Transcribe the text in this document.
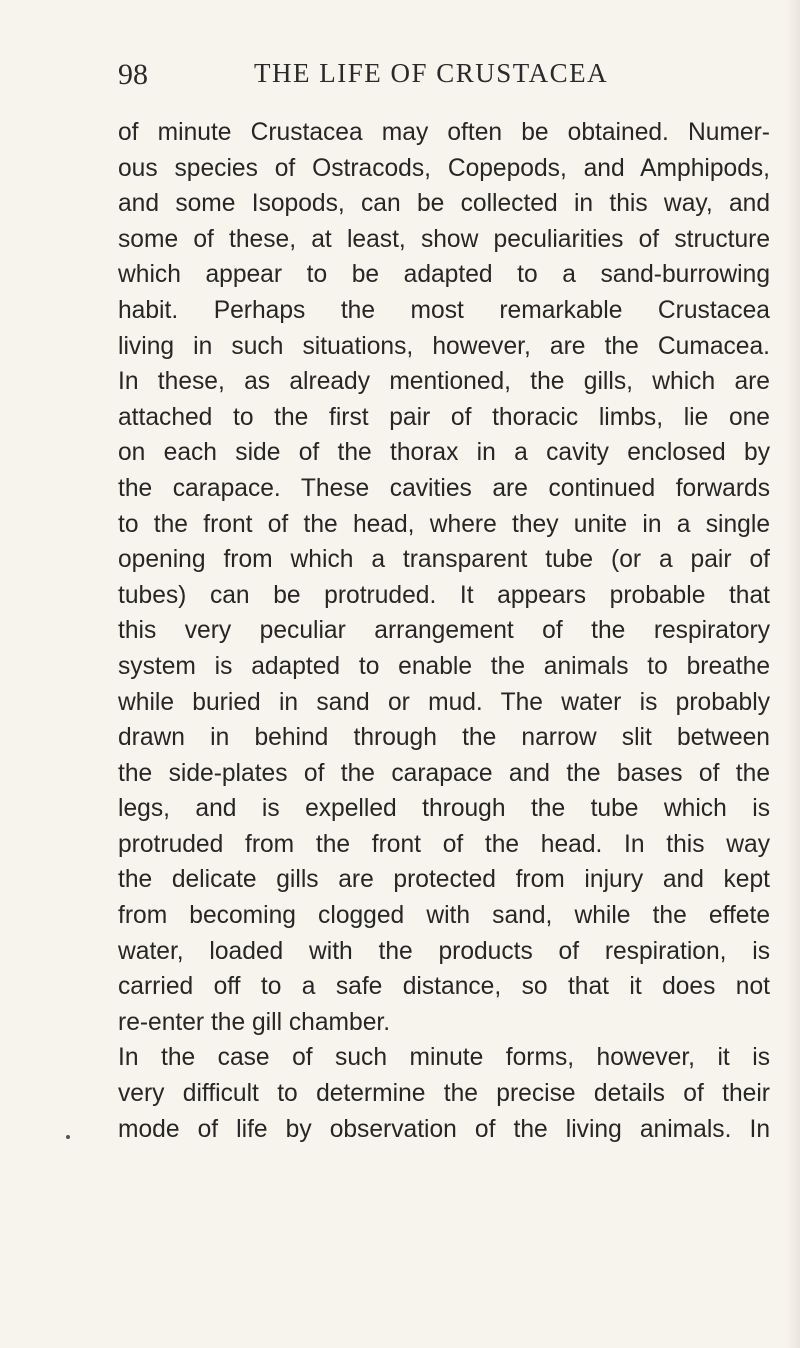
98	THE LIFE OF CRUSTACEA
of minute Crustacea may often be obtained. Numer-
ous species of Ostracods, Copepods, and Amphipods,
and some Isopods, can be collected in this way, and
some of these, at least, show peculiarities of structure
which appear to be adapted to a sand-burrowing
habit. Perhaps the most remarkable Crustacea
living in such situations, however, are the Cumacea.
In these, as already mentioned, the gills, which are
attached to the first pair of thoracic limbs, lie one
on each side of the thorax in a cavity enclosed by
the carapace. These cavities are continued forwards
to the front of the head, where they unite in a single
opening from which a transparent tube (or a pair of
tubes) can be protruded. It appears probable that
this very peculiar arrangement of the respiratory
system is adapted to enable the animals to breathe
while buried in sand or mud. The water is probably
drawn in behind through the narrow slit between
the side-plates of the carapace and the bases of the
legs, and is expelled through the tube which is
protruded from the front of the head. In this way
the delicate gills are protected from injury and kept
from becoming clogged with sand, while the effete
water, loaded with the products of respiration, is
carried off to a safe distance, so that it does not
re-enter the gill chamber.
In the case of such minute forms, however, it is
very difficult to determine the precise details of their
mode of life by observation of the living animals. In
